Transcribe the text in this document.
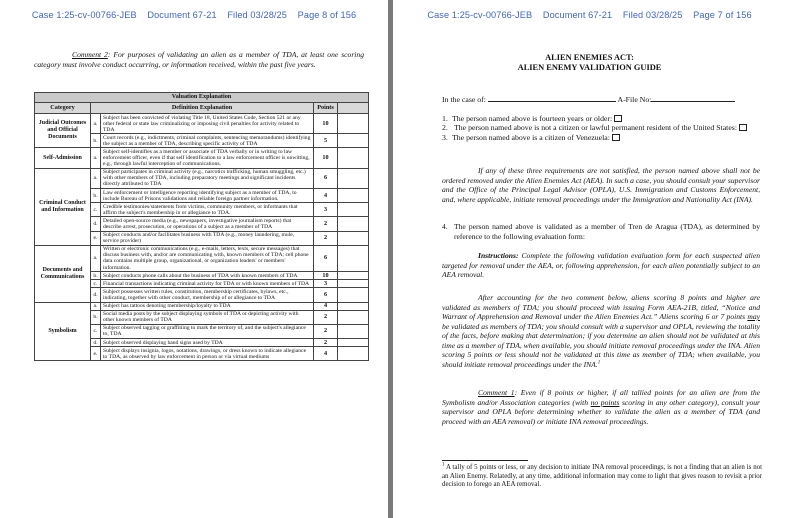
Case 1:25-cv-00766-JEB Document 67-21 Filed 03/28/25 Page 8 of 156
Comment 2: For purposes of validating an alien as a member of TDA, at least one scoring category must involve conduct occurring, or information received, within the past five years.
Valuation Explanation				
Category	Definition Explanation		Points	
Judicial Outcomes and Official Documents	a.	Subject has been convicted of violating Title 18, United States Code, Section 521 or any other federal or state law criminalizing or imposing civil penalties for activity related to TDA	10	
	b.	Court records (e.g., indictments, criminal complaints, sentencing memorandums) identifying the subject as a member of TDA, describing specific activity of TDA	5	
Self-Admission	a.	Subject self-identifies as a member or associate of TDA verbally or in writing to law enforcement officer, even if that self identification to a law enforcement officer is unwitting, e.g., through lawful interception of communications.	10	
Criminal Conduct and Information	a.	Subject participates in criminal activity (e.g., narcotics trafficking, human smuggling, etc.) with other members of TDA, including preparatory meetings and significant incidents directly attributed to TDA	6	
	b.	Law enforcement or intelligence reporting identifying subject as a member of TDA, to include Bureau of Prisons validations and reliable foreign partner information.	4	
	c.	Credible testimonies/statements from victims, community members, or informants that affirm the subject's membership in or allegiance to TDA.	3	
	d.	Detailed open-source media (e.g., newspapers, investigative journalism reports) that describe arrest, prosecution, or operations of a subject as a member of TDA	2	
	e.	Subject conducts and/or facilitates business with TDA (e.g., money laundering, mule, service provider)	2	
Documents and Communications	a.	Written or electronic communications (e.g., e-mails, letters, texts, secure messages) that discuss business with, and/or are communicating with, known members of TDA; cell phone data contains multiple group, organizational, or organization leaders' or members' information.	6	
	b.	Subject conducts phone calls about the business of TDA with known members of TDA	10	
	c.	Financial transactions indicating criminal activity for TDA or with known members of TDA	3	
	d.	Subject possesses written rules, constitution, membership certificates, bylaws, etc., indicating, together with other conduct, membership of or allegiance to TDA	6	
Symbolism	a.	Subject has tattoos denoting membership/loyalty to TDA	4	
	b.	Social media posts by the subject displaying symbols of TDA or depicting activity with other known members of TDA	2	
	c.	Subject observed tagging or graffitiing to mark the territory of, and the subject's allegiance to, TDA	2	
	d.	Subject observed displaying hand signs used by TDA	2	
	e.	Subject displays insignia, logos, notations, drawings, or dress known to indicate allegiance to TDA, as observed by law enforcement in person or via virtual mediums	4	
Case 1:25-cv-00766-JEB Document 67-21 Filed 03/28/25 Page 7 of 156
ALIEN ENEMIES ACT:
ALIEN ENEMY VALIDATION GUIDE
In the case of:	A-File No:
1. The person named above is fourteen years or older:
2. The person named above is not a citizen or lawful permanent resident of the United States:
3. The person named above is a citizen of Venezuela:
If any of these three requirements are not satisfied, the person named above shall not be ordered removed under the Alien Enemies Act (AEA). In such a case, you should consult your supervisor and the Office of the Principal Legal Advisor (OPLA), U.S. Immigration and Customs Enforcement, and, where applicable, initiate removal proceedings under the Immigration and Nationality Act (INA).
4. The person named above is validated as a member of Tren de Aragua (TDA), as determined by reference to the following evaluation form:
Instructions: Complete the following validation evaluation form for each suspected alien targeted for removal under the AEA, or, following apprehension, for each alien potentially subject to an AEA removal.
After accounting for the two comment below, aliens scoring 8 points and higher are validated as members of TDA; you should proceed with issuing Form AEA-21B, titled, “Notice and Warrant of Apprehension and Removal under the Alien Enemies Act.” Aliens scoring 6 or 7 points may be validated as members of TDA; you should consult with a supervisor and OPLA, reviewing the totality of the facts, before making that determination; if you determine an alien should not be validated at this time as a member of TDA, when available, you should initiate removal proceedings under the INA. Alien scoring 5 points or less should not be validated at this time as member of TDA; when available, you should initiate removal proceedings under the INA.$^1$
Comment 1: Even if 8 points or higher, if all tallied points for an alien are from the Symbolism and/or Association categories (with no points scoring in any other category), consult your supervisor and OPLA before determining whether to validate the alien as a member of TDA (and proceed with an AEA removal) or initiate INA removal proceedings.
$^1$ A tally of 5 points or less, or any decision to initiate INA removal proceedings, is not a finding that an alien is not an Alien Enemy. Relatedly, at any time, additional information may come to light that gives reason to revisit a prior decision to forego an AEA removal.
